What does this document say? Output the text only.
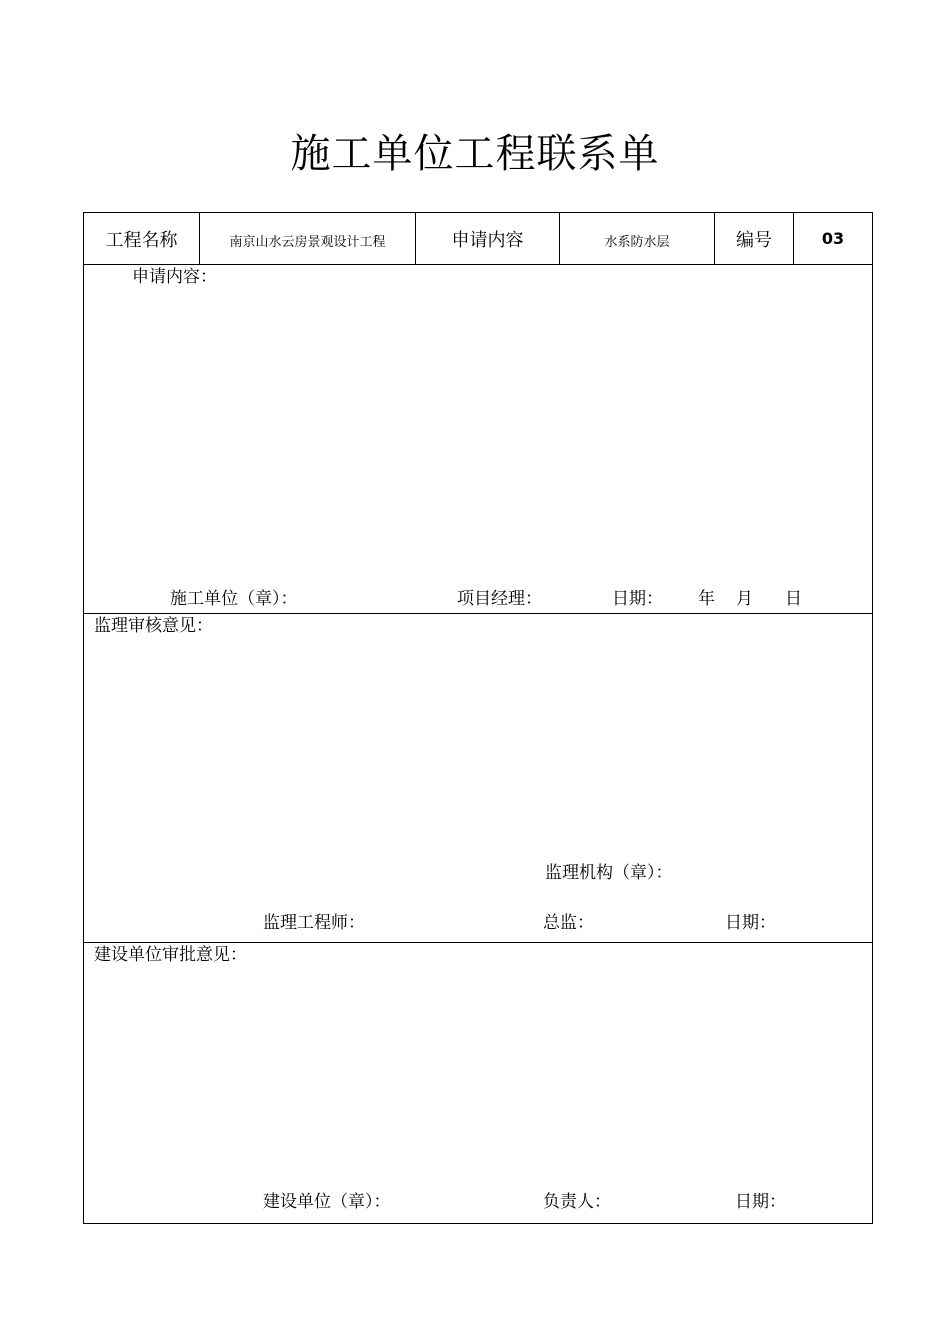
施工单位工程联系单
工程名称	南京山水云房景观设计工程	申请内容	水系防水层	编号	03
申请内容：
施工单位（章）：	项目经理：	日期： 年 月 日
监理审核意见：
监理机构（章）：
监理工程师：	总监：	日期：
建设单位审批意见：
建设单位（章）：	负责人：	日期：
